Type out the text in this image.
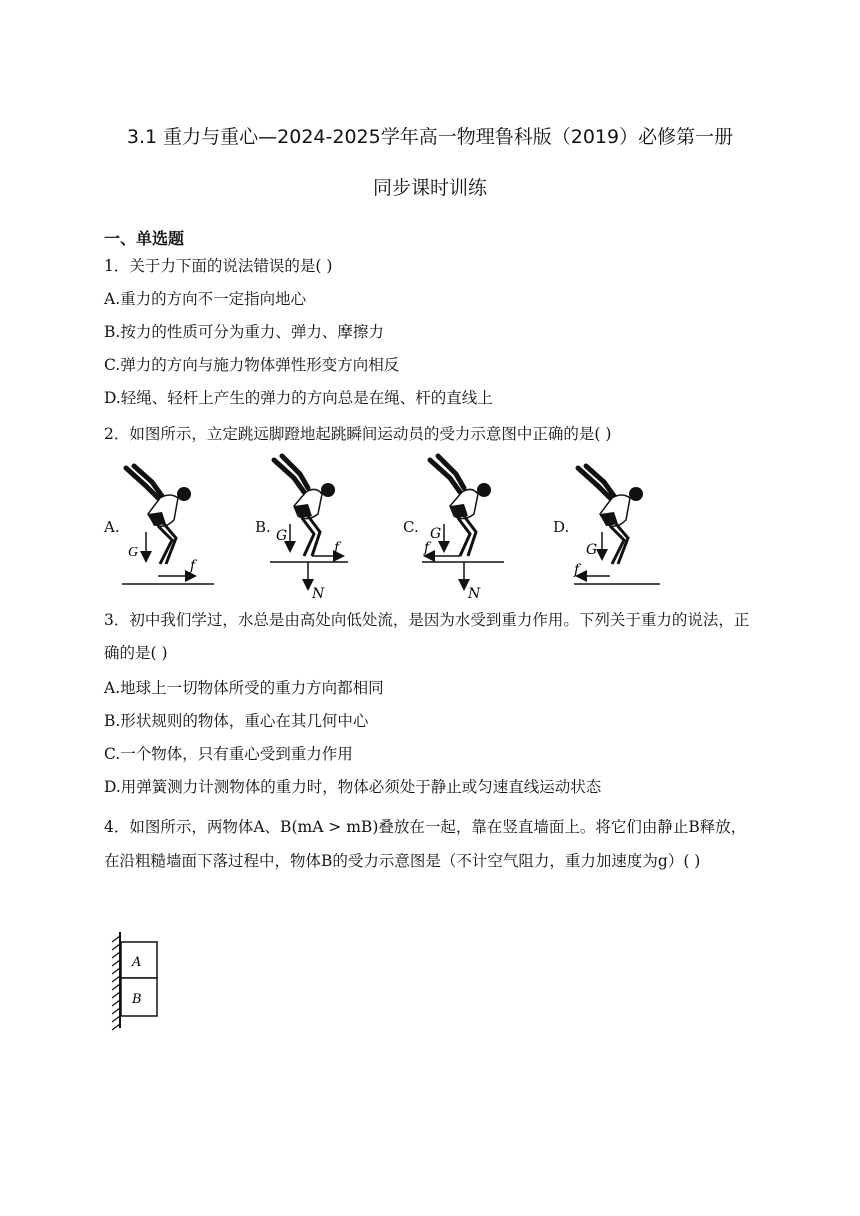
3.1 重力与重心—2024-2025学年高一物理鲁科版（2019）必修第一册
同步课时训练
一、单选题
1．关于力下面的说法错误的是( )
A.重力的方向不一定指向地心
B.按力的性质可分为重力、弹力、摩擦力
C.弹力的方向与施力物体弹性形变方向相反
D.轻绳、轻杆上产生的弹力的方向总是在绳、杆的直线上
2．如图所示，立定跳远脚蹬地起跳瞬间运动员的受力示意图中正确的是( )
A.	B.	C.	D.
G
f
G
N
f
G
N
f	G
f
3．初中我们学过，水总是由高处向低处流，是因为水受到重力作用。下列关于重力的说法，正确的是( )
A.地球上一切物体所受的重力方向都相同
B.形状规则的物体，重心在其几何中心
C.一个物体，只有重心受到重力作用
D.用弹簧测力计测物体的重力时，物体必须处于静止或匀速直线运动状态
4．如图所示，两物体A、B(mA > mB)叠放在一起，靠在竖直墙面上。将它们由静止B释放，在沿粗糙墙面下落过程中，物体B的受力示意图是（不计空气阻力，重力加速度为g）( )
A
B
